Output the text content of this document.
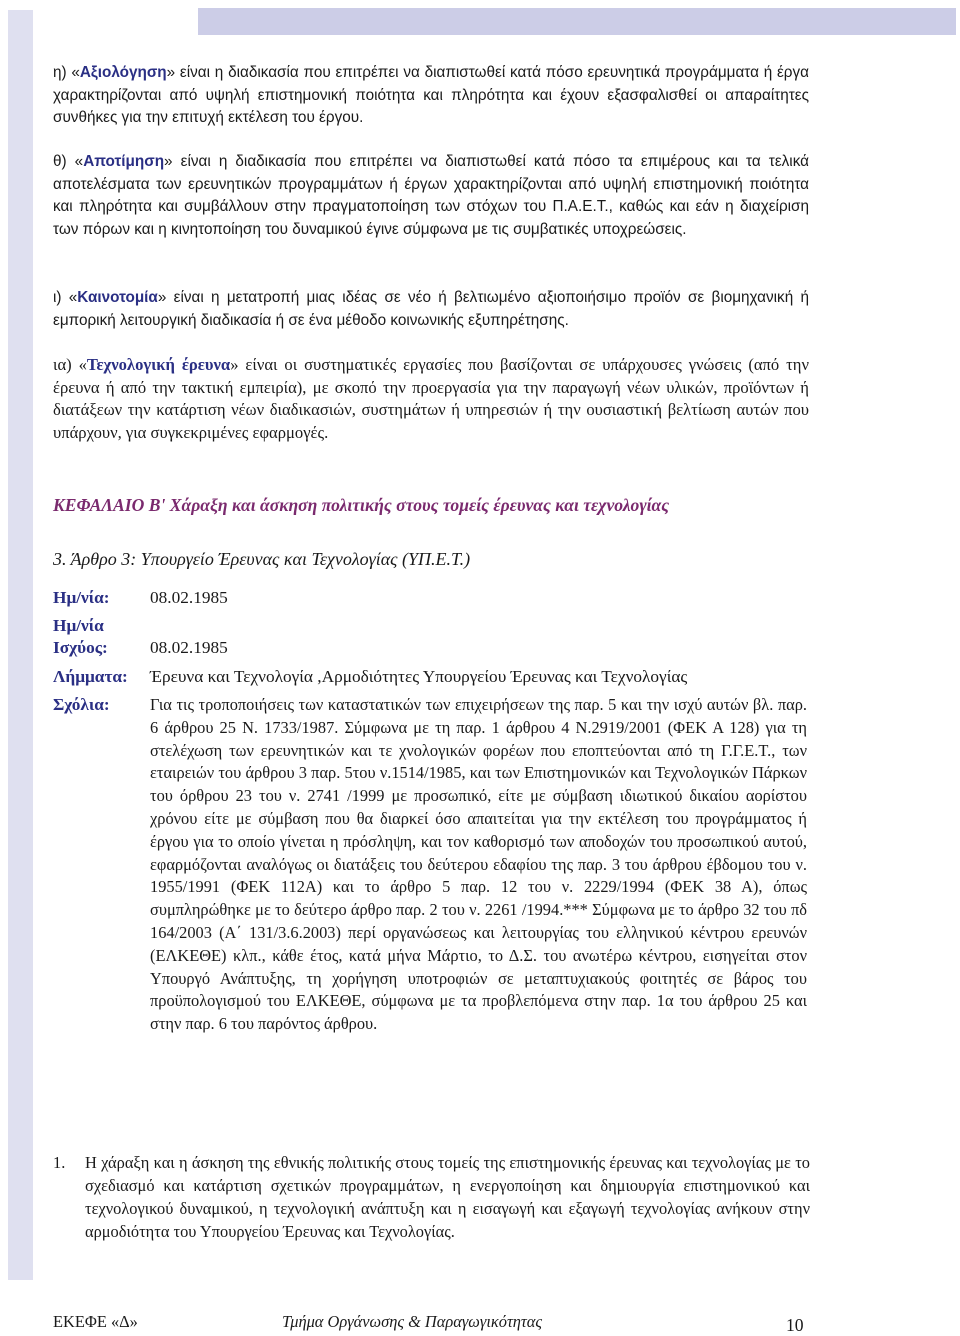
η) «Αξιολόγηση» είναι η διαδικασία που επιτρέπει να διαπιστωθεί κατά πόσο ερευνητικά προγράμματα ή έργα χαρακτηρίζονται από υψηλή επιστημονική ποιότητα και πληρότητα και έχουν εξασφαλισθεί οι απαραίτητες συνθήκες για την επιτυχή εκτέλεση του έργου.

θ) «Αποτίμηση» είναι η διαδικασία που επιτρέπει να διαπιστωθεί κατά πόσο τα επιμέρους και τα τελικά αποτελέσματα των ερευνητικών προγραμμάτων ή έργων χαρακτηρίζονται από υψηλή επιστημονική ποιότητα και πληρότητα και συμβάλλουν στην πραγματοποίηση των στόχων του Π.Α.Ε.Τ., καθώς και εάν η διαχείριση των πόρων και η κινητοποίηση του δυναμικού έγινε σύμφωνα με τις συμβατικές υποχρεώσεις.

ι) «Καινοτομία» είναι η μετατροπή μιας ιδέας σε νέο ή βελτιωμένο αξιοποιήσιμο προϊόν σε βιομηχανική ή εμπορική λειτουργική διαδικασία ή σε ένα μέθοδο κοινωνικής εξυπηρέτησης.

ια) «Τεχνολογική έρευνα» είναι οι συστηματικές εργασίες που βασίζονται σε υπάρχουσες γνώσεις (από την έρευνα ή από την τακτική εμπειρία), με σκοπό την προεργασία για την παραγωγή νέων υλικών, προϊόντων ή διατάξεων την κατάρτιση νέων διαδικασιών, συστημάτων ή υπηρεσιών ή την ουσιαστική βελτίωση αυτών που υπάρχουν, για συγκεκριμένες εφαρμογές.

ΚΕΦΑΛΑΙΟ Β' Χάραξη και άσκηση πολιτικής στους τομείς έρευνας και τεχνολογίας

3. Άρθρο 3: Υπουργείο Έρευνας και Τεχνολογίας (ΥΠ.Ε.Τ.)

Ημ/νία: 08.02.1985
Ημ/νία
Ισχύος: 08.02.1985
Λήμματα: Έρευνα και Τεχνολογία ,Αρμοδιότητες Υπουργείου Έρευνας και Τεχνολογίας
Σχόλια: Για τις τροποποιήσεις των καταστατικών των επιχειρήσεων της παρ. 5 και την ισχύ αυτών βλ. παρ. 6 άρθρου 25 Ν. 1733/1987. Σύμφωνα με τη παρ. 1 άρθρου 4 Ν.2919/2001 (ΦΕΚ Α 128) για τη στελέχωση των ερευνητικών και τε χνολογικών φορέων που εποπτεύονται από τη Γ.Γ.Ε.Τ., των εταιρειών του άρθρου 3 παρ. 5του ν.1514/1985, και των Επιστημονικών και Τεχνολογικών Πάρκων του όρθρου 23 του ν. 2741 /1999 με προσωπικό, είτε με σύμβαση ιδιωτικού δικαίου αορίστου χρόνου είτε με σύμβαση που θα διαρκεί όσο απαιτείται για την εκτέλεση του προγράμματος ή έργου για το οποίο γίνεται η πρόσληψη, και τον καθορισμό των αποδοχών του προσωπικού αυτού, εφαρμόζονται αναλόγως οι διατάξεις του δεύτερου εδαφίου της παρ. 3 του άρθρου έβδομου του ν. 1955/1991 (ΦΕΚ 112Α) και το άρθρο 5 παρ. 12 του ν. 2229/1994 (ΦΕΚ 38 Α), όπως συμπληρώθηκε με το δεύτερο άρθρο παρ. 2 του ν. 2261 /1994.*** Σύμφωνα με το άρθρο 32 του πδ 164/2003 (Α΄ 131/3.6.2003) περί οργανώσεως και λειτουργίας του ελληνικού κέντρου ερευνών (ΕΛΚΕΘΕ) κλπ., κάθε έτος, κατά μήνα Μάρτιο, το Δ.Σ. του ανωτέρω κέντρου, εισηγείται στον Υπουργό Ανάπτυξης, τη χορήγηση υποτροφιών σε μεταπτυχιακούς φοιτητές σε βάρος του προϋπολογισμού του ΕΛΚΕΘΕ, σύμφωνα με τα προβλεπόμενα στην παρ. 1α του άρθρου 25 και στην παρ. 6 του παρόντος άρθρου.

1. Η χάραξη και η άσκηση της εθνικής πολιτικής στους τομείς της επιστημονικής έρευνας και τεχνολογίας με το σχεδιασμό και κατάρτιση σχετικών προγραμμάτων, η ενεργοποίηση και δημιουργία επιστημονικού και τεχνολογικού δυναμικού, η τεχνολογική ανάπτυξη και η εισαγωγή και εξαγωγή τεχνολογίας ανήκουν στην αρμοδιότητα του Υπουργείου Έρευνας και Τεχνολογίας.

ΕΚΕΦΕ «Δ»	Τμήμα Οργάνωσης & Παραγωγικότητας	10
